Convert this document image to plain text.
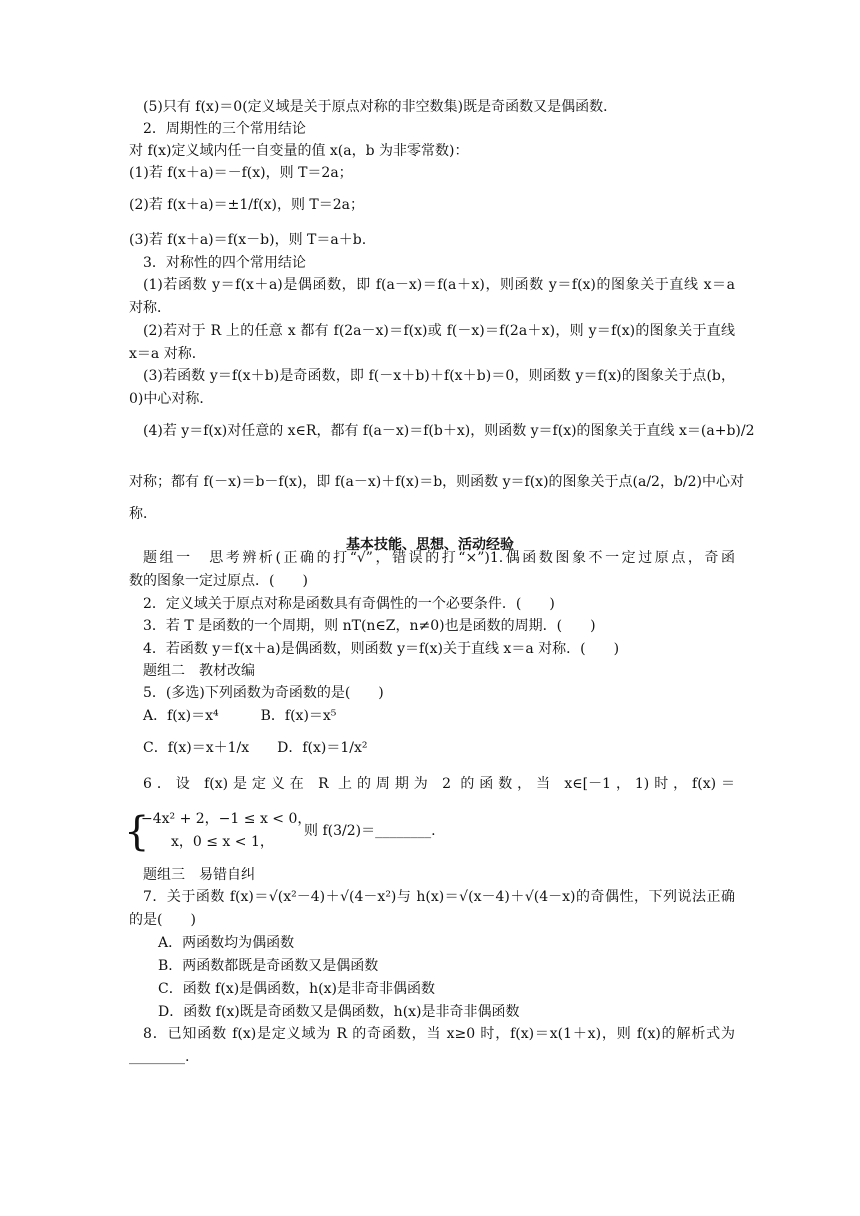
基本技能、思想、活动经验
{
(5)只有 f(x)＝0(定义域是关于原点对称的非空数集)既是奇函数又是偶函数．
2．周期性的三个常用结论
对 f(x)定义域内任一自变量的值 x(a，b 为非零常数)：
(1)若 f(x＋a)＝－f(x)，则 T＝2a；
(2)若 f(x＋a)＝±1/f(x)，则 T＝2a；
(3)若 f(x＋a)＝f(x－b)，则 T＝a＋b.
3．对称性的四个常用结论
(1)若函数 y＝f(x＋a)是偶函数，即 f(a－x)＝f(a＋x)，则函数 y＝f(x)的图象关于直线 x＝a
对称．
(2)若对于 R 上的任意 x 都有 f(2a－x)＝f(x)或 f(－x)＝f(2a＋x)，则 y＝f(x)的图象关于直线
x＝a 对称．
(3)若函数 y＝f(x＋b)是奇函数，即 f(－x＋b)＋f(x＋b)＝0，则函数 y＝f(x)的图象关于点(b，
0)中心对称．
(4)若 y＝f(x)对任意的 x∈R，都有 f(a－x)＝f(b＋x)，则函数 y＝f(x)的图象关于直线 x＝(a+b)/2
对称；都有 f(－x)＝b－f(x)，即 f(a－x)＋f(x)＝b，则函数 y＝f(x)的图象关于点(a/2，b/2)中心对
称．
题组一　思考辨析(正确的打“√”，错误的打“×”)1.偶函数图象不一定过原点，奇函
数的图象一定过原点．(　　)
2．定义域关于原点对称是函数具有奇偶性的一个必要条件．(　　)
3．若 T 是函数的一个周期，则 nT(n∈Z，n≠0)也是函数的周期．(　　)
4．若函数 y＝f(x＋a)是偶函数，则函数 y＝f(x)关于直线 x＝a 对称．(　　)
题组二　教材改编
5．(多选)下列函数为奇函数的是(　　)
A．f(x)＝x⁴　　　B．f(x)＝x⁵
C．f(x)＝x＋1/x　　D．f(x)＝1/x²
6．设 f(x)是定义在 R 上的周期为 2 的函数，当 x∈[－1，1)时，f(x)＝
−4x² + 2，−1 ≤ x < 0，
x，0 ≤ x < 1，
则 f(3/2)＝________.
题组三　易错自纠
7．关于函数 f(x)＝√(x²－4)＋√(4－x²)与 h(x)＝√(x－4)＋√(4－x)的奇偶性，下列说法正确
的是(　　)
A．两函数均为偶函数
B．两函数都既是奇函数又是偶函数
C．函数 f(x)是偶函数，h(x)是非奇非偶函数
D．函数 f(x)既是奇函数又是偶函数，h(x)是非奇非偶函数
8．已知函数 f(x)是定义域为 R 的奇函数，当 x≥0 时，f(x)＝x(1＋x)，则 f(x)的解析式为
________.
